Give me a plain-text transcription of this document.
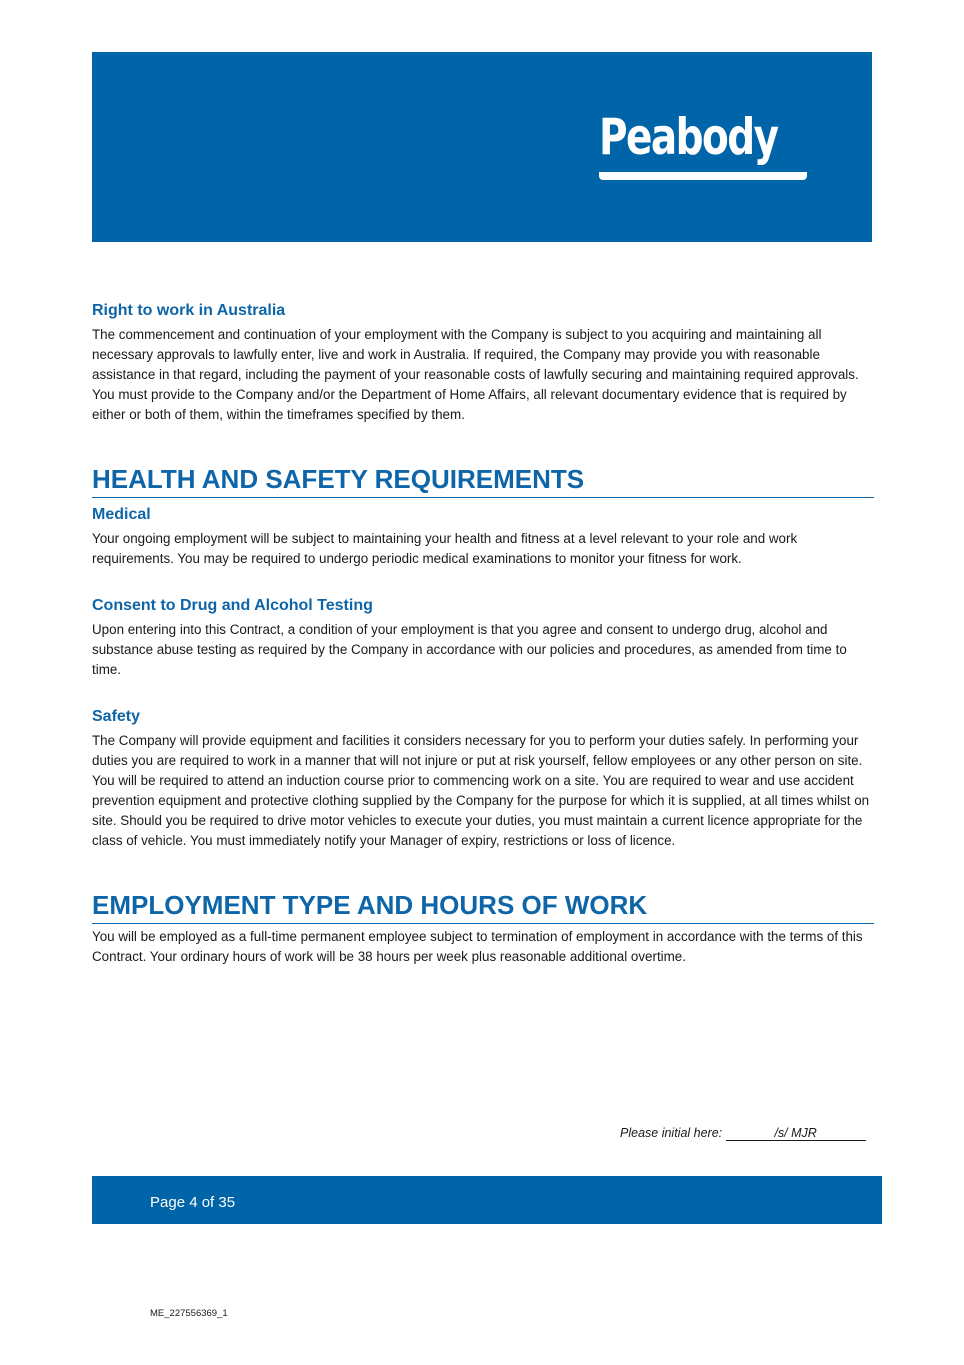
Peabody
Right to work in Australia

The commencement and continuation of your employment with the Company is subject to you acquiring and maintaining all necessary approvals to lawfully enter, live and work in Australia. If required, the Company may provide you with reasonable assistance in that regard, including the payment of your reasonable costs of lawfully securing and maintaining required approvals. You must provide to the Company and/or the Department of Home Affairs, all relevant documentary evidence that is required by either or both of them, within the timeframes specified by them.

HEALTH AND SAFETY REQUIREMENTS
Medical

Your ongoing employment will be subject to maintaining your health and fitness at a level relevant to your role and work requirements. You may be required to undergo periodic medical examinations to monitor your fitness for work.

Consent to Drug and Alcohol Testing

Upon entering into this Contract, a condition of your employment is that you agree and consent to undergo drug, alcohol and substance abuse testing as required by the Company in accordance with our policies and procedures, as amended from time to time.

Safety

The Company will provide equipment and facilities it considers necessary for you to perform your duties safely. In performing your duties you are required to work in a manner that will not injure or put at risk yourself, fellow employees or any other person on site. You will be required to attend an induction course prior to commencing work on a site. You are required to wear and use accident prevention equipment and protective clothing supplied by the Company for the purpose for which it is supplied, at all times whilst on site. Should you be required to drive motor vehicles to execute your duties, you must maintain a current licence appropriate for the class of vehicle. You must immediately notify your Manager of expiry, restrictions or loss of licence.

EMPLOYMENT TYPE AND HOURS OF WORK

You will be employed as a full-time permanent employee subject to termination of employment in accordance with the terms of this Contract. Your ordinary hours of work will be 38 hours per week plus reasonable additional overtime.

Please initial here:	/s/ MJR
Page 4 of 35
ME_227556369_1
